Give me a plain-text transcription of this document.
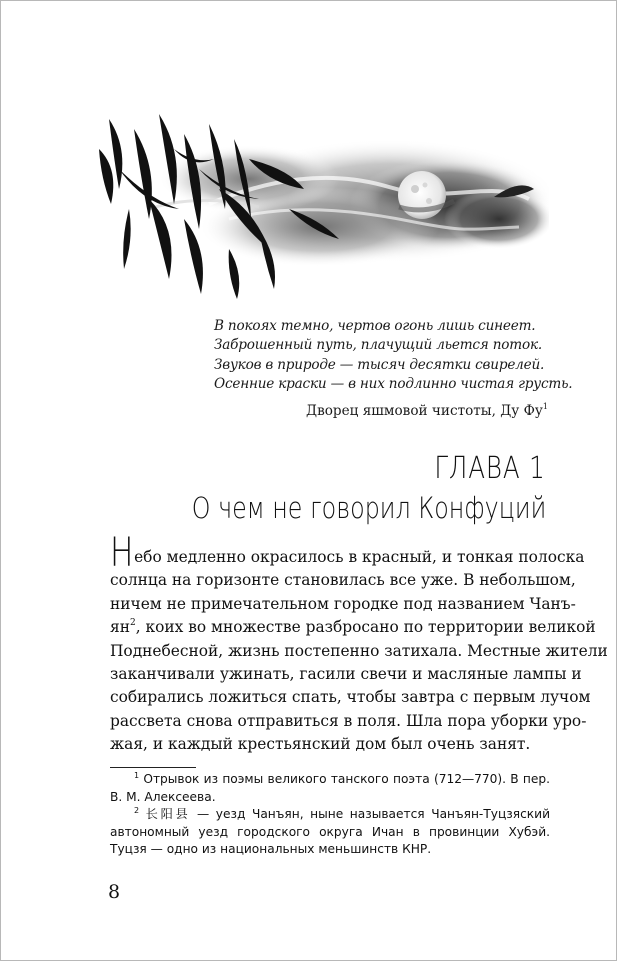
В покоях темно, чертов огонь лишь синеет.
Заброшенный путь, плачущий льется поток.
Звуков в природе — тысяч десятки свирелей.
Осенние краски — в них подлинно чистая грусть.
Дворец яшмовой чистоты, Ду $Фу^1$
ГЛАВА 1
О чем не говорил Конфуций
Небо медленно окрасилось в красный, и тонкая полоска
солнца на горизонте становилась все уже. В небольшом,
ничем не примечательном городке под названием Чанъ-
$ян^2$, коих во множестве разбросано по территории великой
Поднебесной, жизнь постепенно затихала. Местные жители
заканчивали ужинать, гасили свечи и масляные лампы и
собирались ложиться спать, чтобы завтра с первым лучом
рассвета снова отправиться в поля. Шла пора уборки уро-
жая, и каждый крестьянский дом был очень занят.
$^1$ Отрывок из поэмы великого танского поэта (712—770). В пер.
В. М. Алексеева.
$^2$ 长阳县 — уезд Чанъян, ныне называется Чанъян-Туцзяский
автономный уезд городского округа Ичан в провинции Хубэй.
Туцзя — одно из национальных меньшинств КНР.
8
